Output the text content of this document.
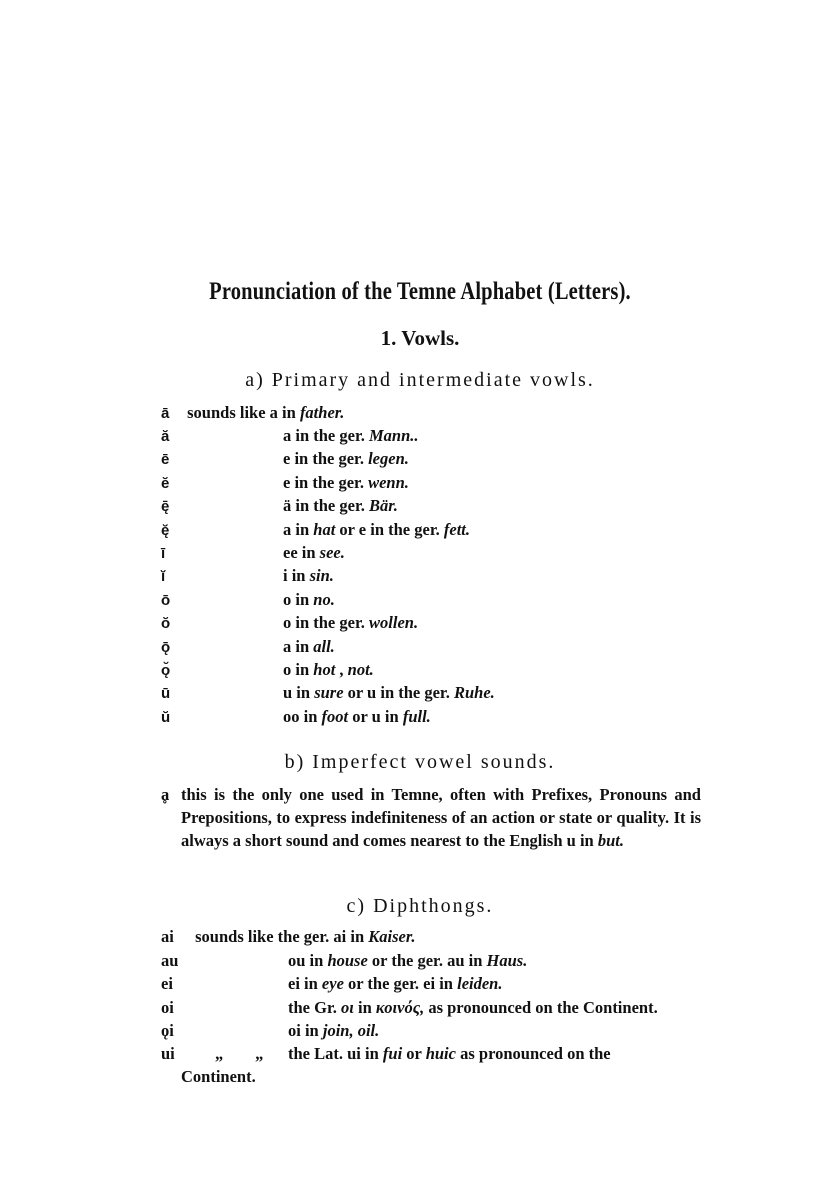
Pronunciation of the Temne Alphabet (Letters).
1. Vowls.
a) Primary and intermediate vowls.
ā sounds like a in father.
ă	a in the ger. Mann..
ē	e in the ger. legen.
ĕ	e in the ger. wenn.
ę̄	ä in the ger. Bär.
ę̆	a in hat or e in the ger. fett.
ī	ee in see.
ĭ	i in sin.
ō	o in no.
ŏ	o in the ger. wollen.
ǭ	a in all.
ǫ̆	o in hot , not.
ū	u in sure or u in the ger. Ruhe.
ŭ	oo in foot or u in full.
b) Imperfect vowel sounds.
ḁ this is the only one used in Temne, often with Prefixes, Pronouns and Prepositions, to express indefiniteness of an action or state or quality. It is always a short sound and comes nearest to the English u in but.
c) Diphthongs.
ai sounds like the ger. ai in Kaiser.
au	ou in house or the ger. au in Haus.
ei	ei in eye or the ger. ei in leiden.
oi	the Gr. οι in κοινός, as pronounced on the Continent.
ǫi	oi in join, oil.
ui „ „ the Lat. ui in fui or huic as pronounced on the
Continent.
